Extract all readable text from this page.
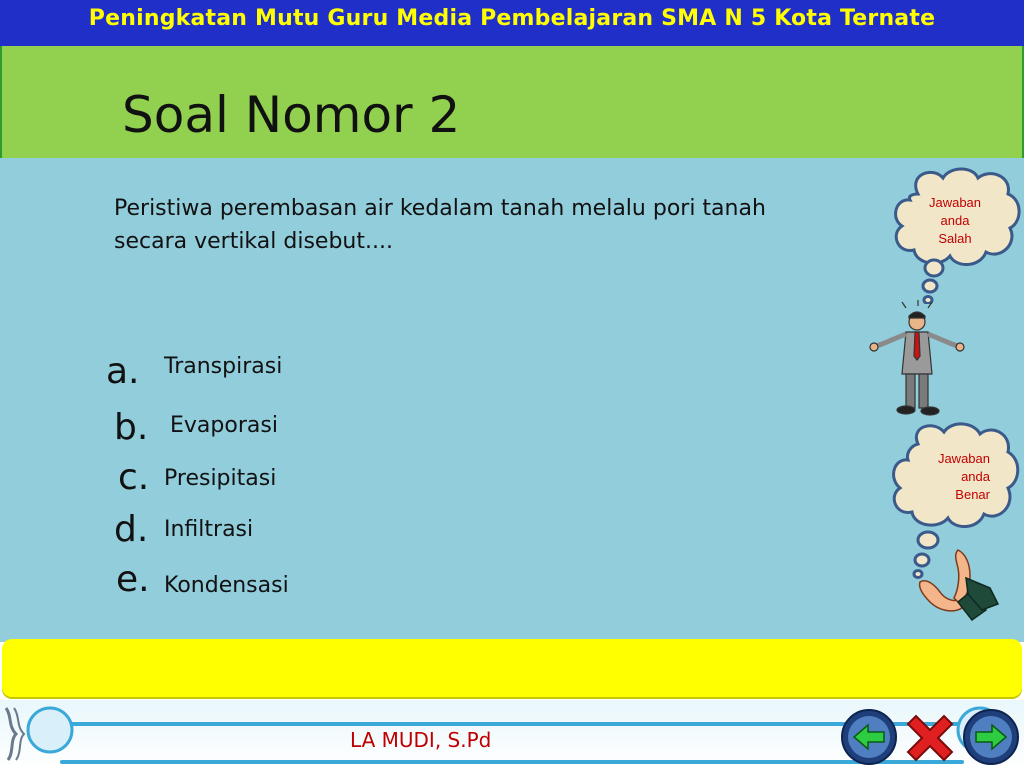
Peningkatan Mutu Guru Media Pembelajaran SMA N 5 Kota Ternate
Soal Nomor 2
Peristiwa perembasan air kedalam tanah melalu pori tanah secara vertikal disebut....
a. Transpirasi
b. Evaporasi
c. Presipitasi
d. Infiltrasi
e. Kondensasi
Jawaban
anda
Salah
Jawaban
anda
Benar
LA MUDI, S.Pd
